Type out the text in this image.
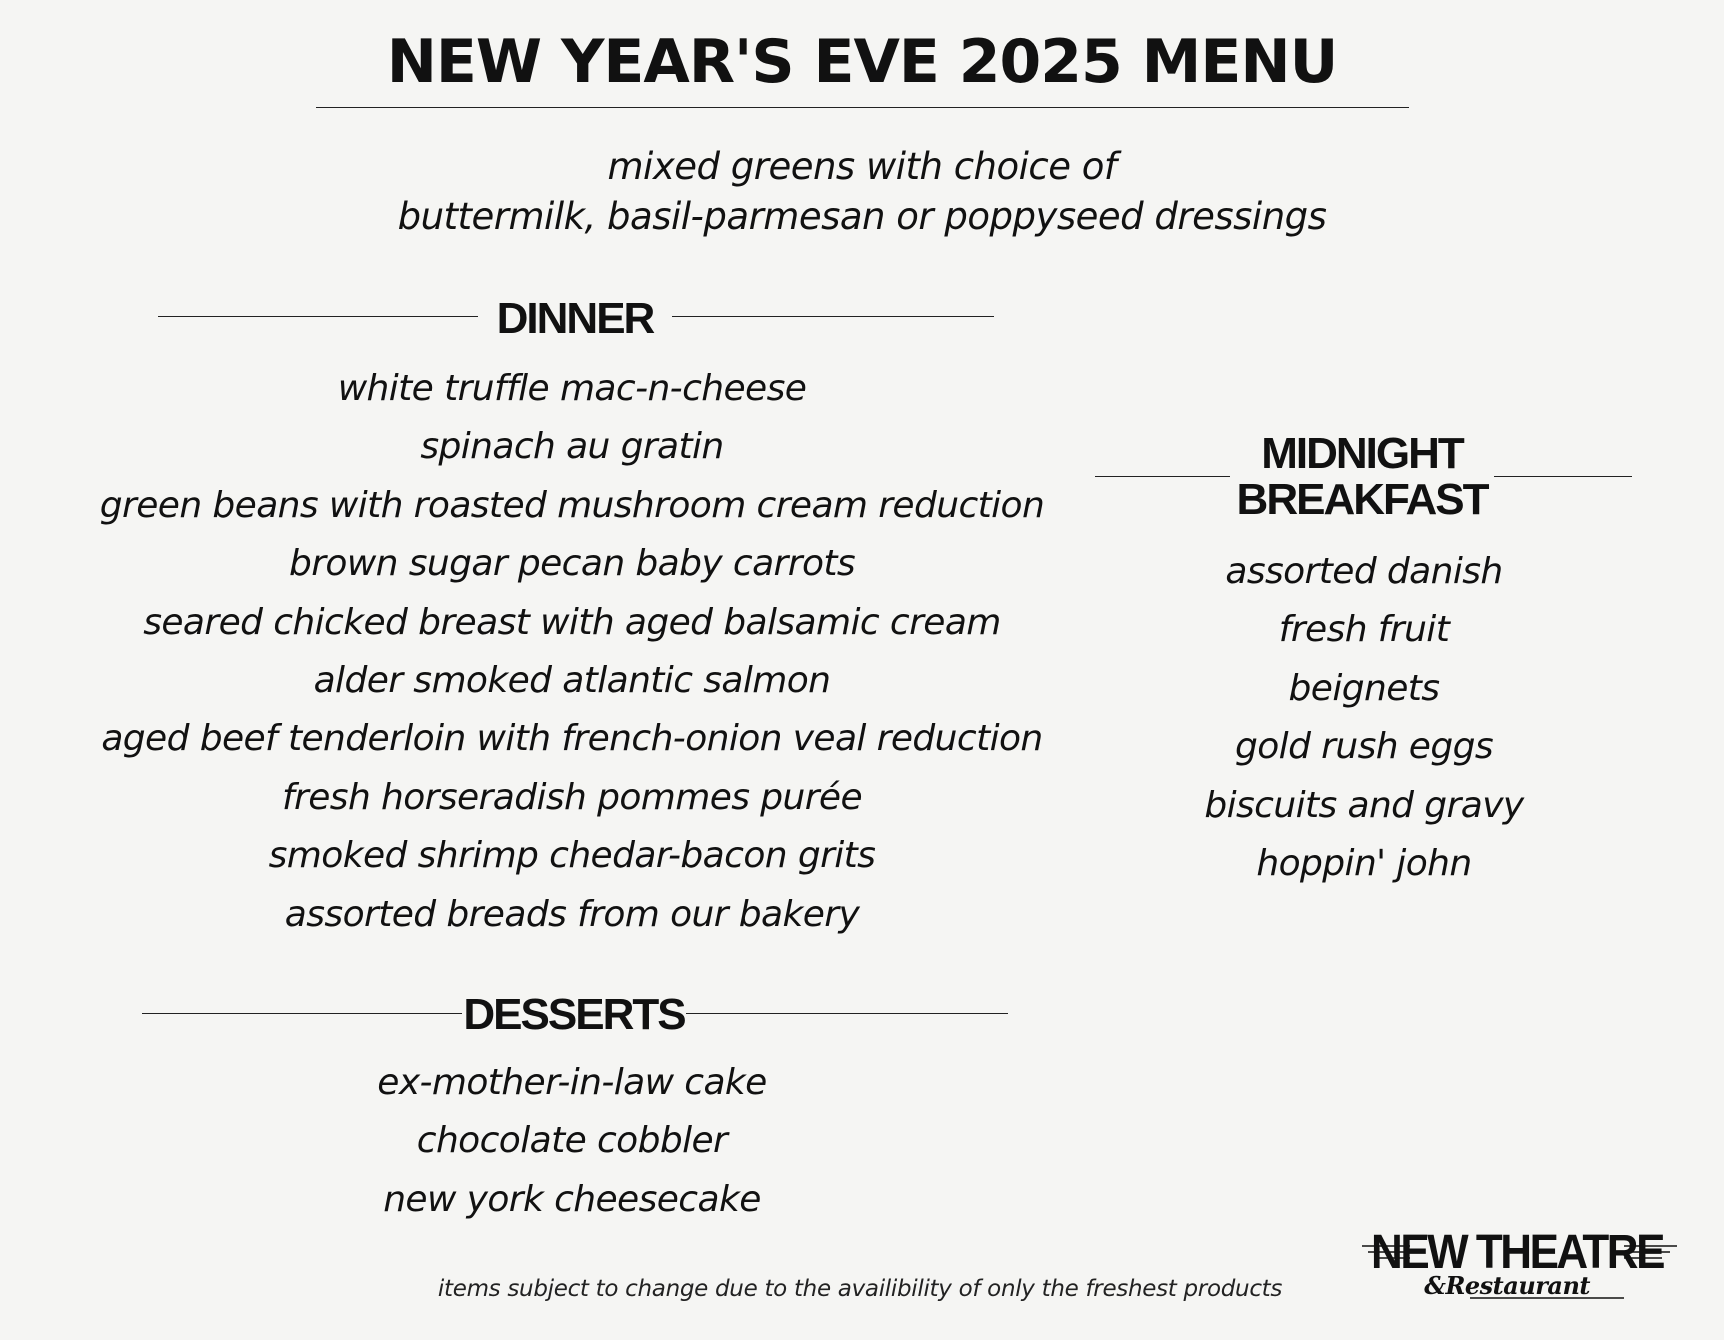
NEW YEAR'S EVE 2025 MENU
mixed greens with choice of
buttermilk, basil-parmesan or poppyseed dressings
DINNER
white truffle mac-n-cheese
spinach au gratin
green beans with roasted mushroom cream reduction
brown sugar pecan baby carrots
seared chicked breast with aged balsamic cream
alder smoked atlantic salmon
aged beef tenderloin with french-onion veal reduction
fresh horseradish pommes purée
smoked shrimp chedar-bacon grits
assorted breads from our bakery
MIDNIGHT
BREAKFAST
assorted danish
fresh fruit
beignets
gold rush eggs
biscuits and gravy
hoppin' john
DESSERTS
ex-mother-in-law cake
chocolate cobbler
new york cheesecake
items subject to change due to the availibility of only the freshest products
NEW THEATRE
&Restaurant
